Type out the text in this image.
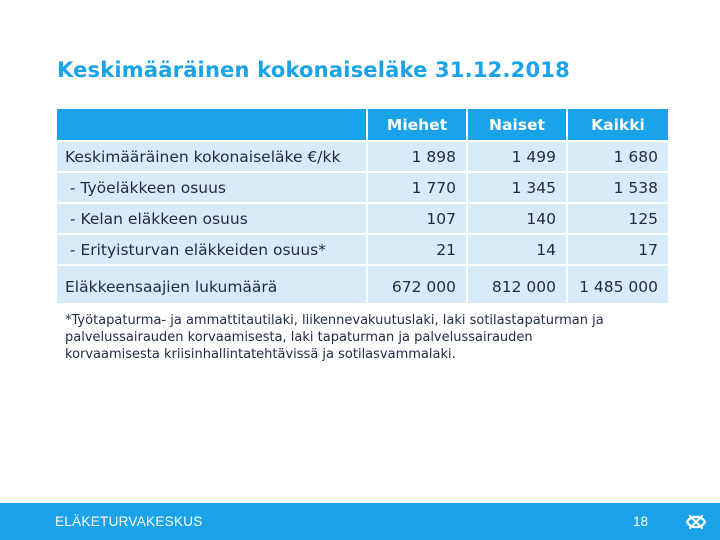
Keskimääräinen kokonaiseläke 31.12.2018
	Miehet	Naiset	Kaikki
Keskimääräinen kokonaiseläke €/kk	1 898	1 499	1 680
- Työeläkkeen osuus	1 770	1 345	1 538
- Kelan eläkkeen osuus	107	140	125
- Erityisturvan eläkkeiden osuus*	21	14	17

Eläkkeensaajien lukumäärä	672 000	812 000	1 485 000
*Työtapaturma- ja ammattitautilaki, liikennevakuutuslaki, laki sotilastapaturman ja
palvelussairauden korvaamisesta, laki tapaturman ja palvelussairauden
korvaamisesta kriisinhallintatehtävissä ja sotilasvammalaki.
ELÄKETURVAKESKUS	18
